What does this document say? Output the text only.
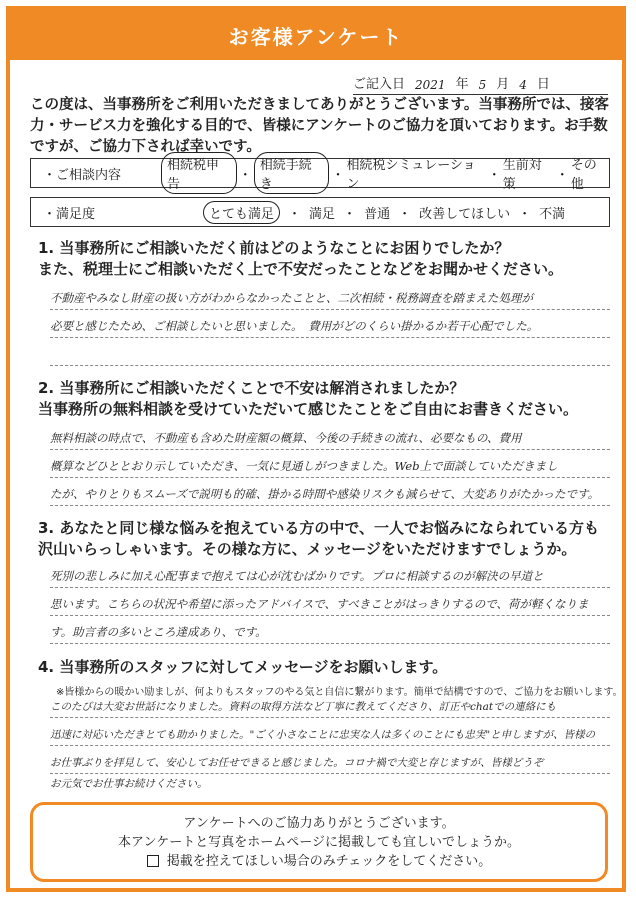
お客様アンケート
ご記入日 2021 年 5 月 4 日
この度は、当事務所をご利用いただきましてありがとうございます。当事務所では、接客力・サービス力を強化する目的で、皆様にアンケートのご協力を頂いております。お手数ですが、ご協力下されば幸いです。
・ご相談内容
相続税申告
・
相続手続き
・
相続税シミュレーション
・
生前対策
・
その他
・満足度	とても満足	・ 満足 ・ 普通 ・ 改善してほしい ・ 不満
1. 当事務所にご相談いただく前はどのようなことにお困りでしたか？
また、税理士にご相談いただく上で不安だったことなどをお聞かせください。
不動産やみなし財産の扱い方がわからなかったことと、二次相続・税務調査を踏まえた処理が
必要と感じたため、ご相談したいと思いました。　費用がどのくらい掛かるか若干心配でした。
2. 当事務所にご相談いただくことで不安は解消されましたか？
当事務所の無料相談を受けていただいて感じたことをご自由にお書きください。
無料相談の時点で、不動産も含めた財産額の概算、今後の手続きの流れ、必要なもの、費用
概算などひととおり示していただき、一気に見通しがつきました。Web上で面談していただきまし
たが、やりとりもスムーズで説明も的確、掛かる時間や感染リスクも減らせて、大変ありがたかったです。
3. あなたと同じ様な悩みを抱えている方の中で、一人でお悩みになられている方も
沢山いらっしゃいます。その様な方に、メッセージをいただけますでしょうか。
死別の悲しみに加え心配事まで抱えては心が沈むばかりです。プロに相談するのが解決の早道と
思います。こちらの状況や希望に添ったアドバイスで、すべきことがはっきりするので、荷が軽くなりま
す。助言者の多いところ達成あり、です。
4. 当事務所のスタッフに対してメッセージをお願いします。
※皆様からの暖かい励ましが、何よりもスタッフのやる気と自信に繋がります。簡単で結構ですので、ご協力をお願いします。
このたびは大変お世話になりました。資料の取得方法など丁寧に教えてくださり、訂正やchatでの連絡にも
迅速に対応いただきとても助かりました。"ごく小さなことに忠実な人は多くのことにも忠実"と申しますが、皆様の
お仕事ぶりを拝見して、安心してお任せできると感じました。コロナ禍で大変と存じますが、皆様どうぞ
お元気でお仕事お続けください。
アンケートへのご協力ありがとうございます。
本アンケートと写真をホームページに掲載しても宜しいでしょうか。
掲載を控えてほしい場合のみチェックをしてください。
